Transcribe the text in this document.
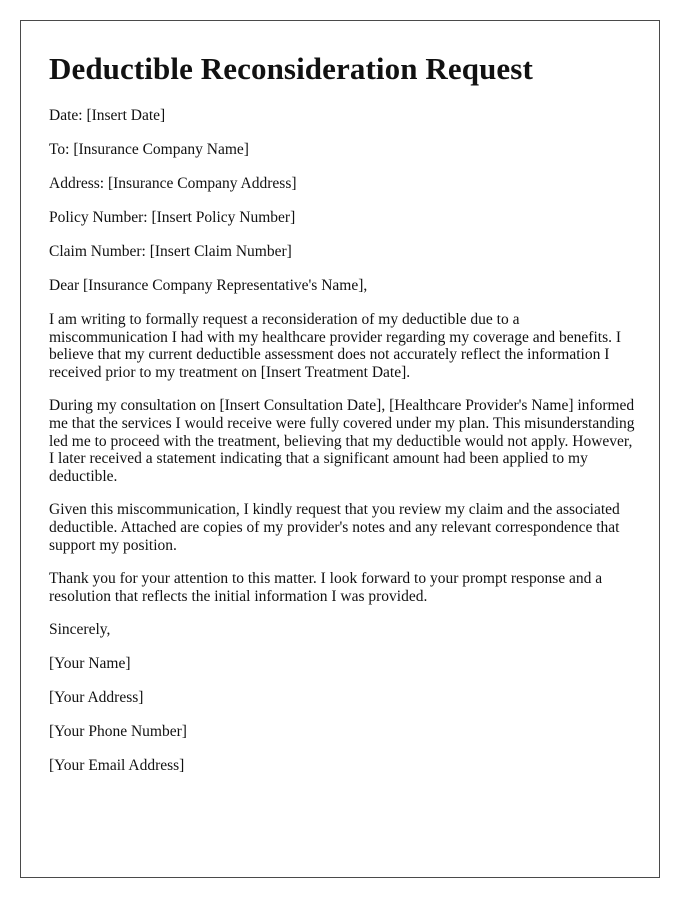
Deductible Reconsideration Request
Date: [Insert Date]
To: [Insurance Company Name]
Address: [Insurance Company Address]
Policy Number: [Insert Policy Number]
Claim Number: [Insert Claim Number]
Dear [Insurance Company Representative's Name],

I am writing to formally request a reconsideration of my deductible due to a miscommunication I had with my healthcare provider regarding my coverage and benefits. I believe that my current deductible assessment does not accurately reflect the information I received prior to my treatment on [Insert Treatment Date].

During my consultation on [Insert Consultation Date], [Healthcare Provider's Name] informed me that the services I would receive were fully covered under my plan. This misunderstanding led me to proceed with the treatment, believing that my deductible would not apply. However, I later received a statement indicating that a significant amount had been applied to my deductible.

Given this miscommunication, I kindly request that you review my claim and the associated deductible. Attached are copies of my provider's notes and any relevant correspondence that support my position.

Thank you for your attention to this matter. I look forward to your prompt response and a resolution that reflects the initial information I was provided.

Sincerely,
[Your Name]
[Your Address]
[Your Phone Number]
[Your Email Address]
